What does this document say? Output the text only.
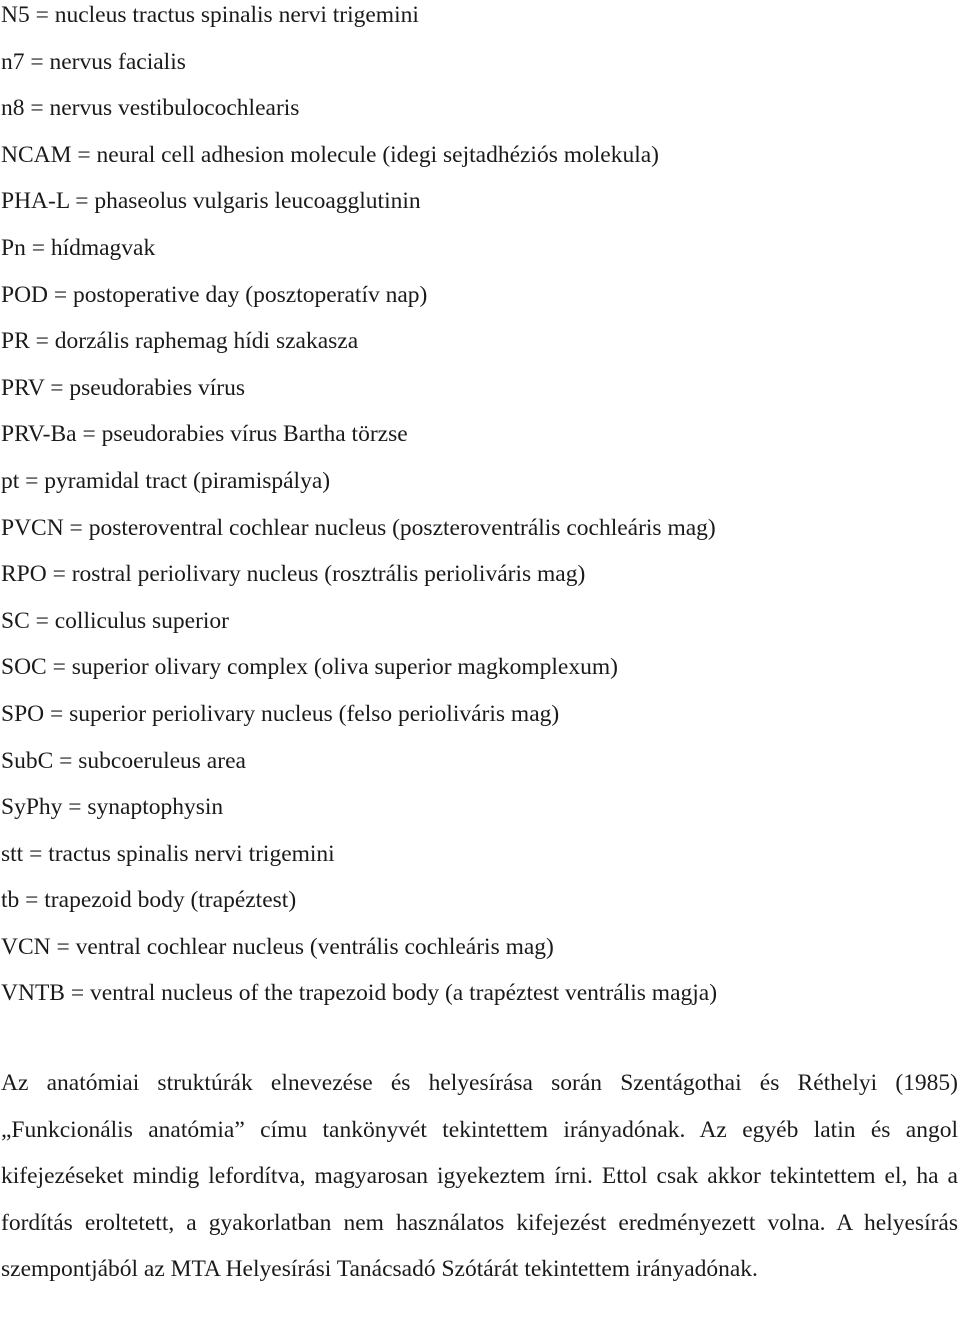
N5 = nucleus tractus spinalis nervi trigemini
n7 = nervus facialis
n8 = nervus vestibulocochlearis
NCAM = neural cell adhesion molecule (idegi sejtadhéziós molekula)
PHA-L = phaseolus vulgaris leucoagglutinin
Pn = hídmagvak
POD = postoperative day (posztoperatív nap)
PR = dorzális raphemag hídi szakasza
PRV = pseudorabies vírus
PRV-Ba = pseudorabies vírus Bartha törzse
pt = pyramidal tract (piramispálya)
PVCN = posteroventral cochlear nucleus (poszteroventrális cochleáris mag)
RPO = rostral periolivary nucleus (rosztrális perioliváris mag)
SC = colliculus superior
SOC = superior olivary complex (oliva superior magkomplexum)
SPO = superior periolivary nucleus (felso perioliváris mag)
SubC = subcoeruleus area
SyPhy = synaptophysin
stt = tractus spinalis nervi trigemini
tb = trapezoid body (trapéztest)
VCN = ventral cochlear nucleus (ventrális cochleáris mag)
VNTB = ventral nucleus of the trapezoid body (a trapéztest ventrális magja)

Az anatómiai struktúrák elnevezése és helyesírása során Szentágothai és Réthelyi (1985) „Funkcionális anatómia” címu tankönyvét tekintettem irányadónak. Az egyéb latin és angol kifejezéseket mindig lefordítva, magyarosan igyekeztem írni. Ettol csak akkor tekintettem el, ha a fordítás eroltetett, a gyakorlatban nem használatos kifejezést eredményezett volna. A helyesírás szempontjából az MTA Helyesírási Tanácsadó Szótárát tekintettem irányadónak.
